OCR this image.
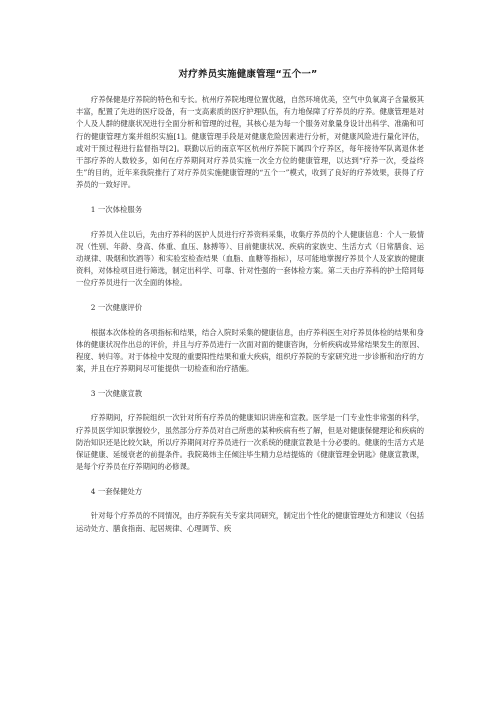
对疗养员实施健康管理“五个一”

疗养保健是疗养院的特色和专长。杭州疗养院地理位置优越，自然环境优美，空气中负氧离子含量极其丰富，配置了先进的医疗设备，有一支高素质的医疗护理队伍，有力地保障了疗养员的疗养。健康管理是对个人及人群的健康状况进行全面分析和管理的过程，其核心是为每一个服务对象量身设计出科学、准确和可行的健康管理方案并组织实施[1]。健康管理手段是对健康危险因素进行分析，对健康风险进行量化评估，或对干预过程进行监督指导[2]。联勤以后的南京军区杭州疗养院下属四个疗养区，每年接待军队离退休老干部疗养的人数较多，如何在疗养期间对疗养员实施一次全方位的健康管理，以达到“疗养一次，受益终生”的目的，近年来我院推行了对疗养员实施健康管理的“五个一”模式，收到了良好的疗养效果，获得了疗养员的一致好评。

1 一次体检服务

疗养员入住以后，先由疗养科的医护人员进行疗养资料采集，收集疗养员的个人健康信息：个人一般情况（性别、年龄、身高、体重、血压、脉搏等）、目前健康状况、疾病的家族史、生活方式（日常膳食、运动规律、吸烟和饮酒等）和实验室检查结果（血脂、血糖等指标），尽可能地掌握疗养员个人及家族的健康资料，对体检项目进行筛选，制定出科学、可靠、针对性强的一套体检方案。第二天由疗养科的护士陪同每一位疗养员进行一次全面的体检。

2 一次健康评价

根据本次体检的各项指标和结果，结合入院时采集的健康信息，由疗养科医生对疗养员体检的结果和身体的健康状况作出总的评价，并且与疗养员进行一次面对面的健康咨询，分析疾病或异常结果发生的原因、程度、转归等。对于体检中发现的重要阳性结果和重大疾病，组织疗养院的专家研究进一步诊断和治疗的方案，并且在疗养期间尽可能提供一切检查和治疗措施。

3 一次健康宣教

疗养期间，疗养院组织一次针对所有疗养员的健康知识讲座和宣教。医学是一门专业性非常强的科学，疗养员医学知识掌握较少，虽然部分疗养员对自己所患的某种疾病有些了解，但是对健康保健理论和疾病的防治知识还是比较欠缺，所以疗养期间对疗养员进行一次系统的健康宣教是十分必要的。健康的生活方式是保证健康、延缓衰老的前提条件。我院葛炜主任倾注毕生精力总结提炼的《健康管理金钥匙》健康宣教课，是每个疗养员在疗养期间的必修课。

4 一套保健处方

针对每个疗养员的不同情况，由疗养院有关专家共同研究，制定出个性化的健康管理处方和建议（包括运动处方、膳食指南、起居规律、心理调节、疾
